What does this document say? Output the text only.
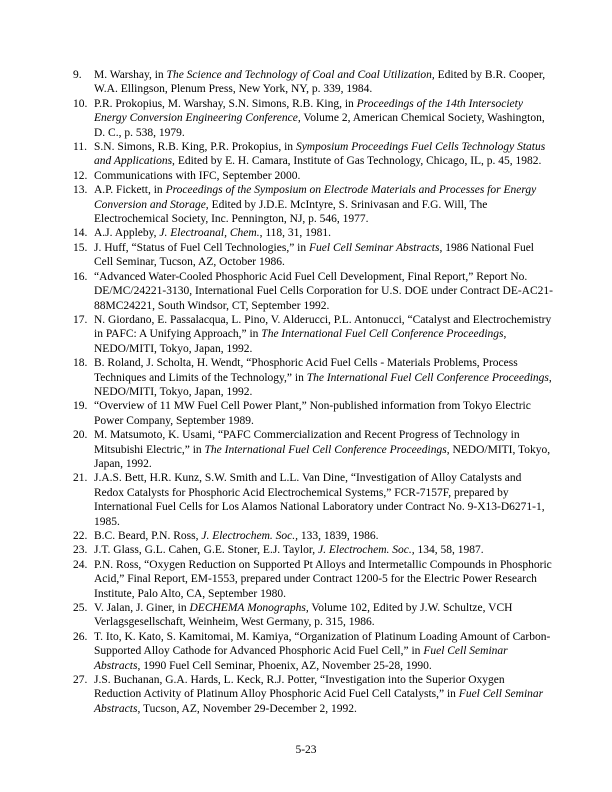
9. M. Warshay, in The Science and Technology of Coal and Coal Utilization, Edited by B.R. Cooper, W.A. Ellingson, Plenum Press, New York, NY, p. 339, 1984.
10. P.R. Prokopius, M. Warshay, S.N. Simons, R.B. King, in Proceedings of the 14th Intersociety Energy Conversion Engineering Conference, Volume 2, American Chemical Society, Washington, D. C., p. 538, 1979.
11. S.N. Simons, R.B. King, P.R. Prokopius, in Symposium Proceedings Fuel Cells Technology Status and Applications, Edited by E. H. Camara, Institute of Gas Technology, Chicago, IL, p. 45, 1982.
12. Communications with IFC, September 2000.
13. A.P. Fickett, in Proceedings of the Symposium on Electrode Materials and Processes for Energy Conversion and Storage, Edited by J.D.E. McIntyre, S. Srinivasan and F.G. Will, The Electrochemical Society, Inc. Pennington, NJ, p. 546, 1977.
14. A.J. Appleby, J. Electroanal, Chem., 118, 31, 1981.
15. J. Huff, “Status of Fuel Cell Technologies,” in Fuel Cell Seminar Abstracts, 1986 National Fuel Cell Seminar, Tucson, AZ, October 1986.
16. “Advanced Water-Cooled Phosphoric Acid Fuel Cell Development, Final Report,” Report No. DE/MC/24221-3130, International Fuel Cells Corporation for U.S. DOE under Contract DE-AC21-88MC24221, South Windsor, CT, September 1992.
17. N. Giordano, E. Passalacqua, L. Pino, V. Alderucci, P.L. Antonucci, “Catalyst and Electrochemistry in PAFC: A Unifying Approach,” in The International Fuel Cell Conference Proceedings, NEDO/MITI, Tokyo, Japan, 1992.
18. B. Roland, J. Scholta, H. Wendt, “Phosphoric Acid Fuel Cells - Materials Problems, Process Techniques and Limits of the Technology,” in The International Fuel Cell Conference Proceedings, NEDO/MITI, Tokyo, Japan, 1992.
19. “Overview of 11 MW Fuel Cell Power Plant,” Non-published information from Tokyo Electric Power Company, September 1989.
20. M. Matsumoto, K. Usami, “PAFC Commercialization and Recent Progress of Technology in Mitsubishi Electric,” in The International Fuel Cell Conference Proceedings, NEDO/MITI, Tokyo, Japan, 1992.
21. J.A.S. Bett, H.R. Kunz, S.W. Smith and L.L. Van Dine, “Investigation of Alloy Catalysts and Redox Catalysts for Phosphoric Acid Electrochemical Systems,” FCR-7157F, prepared by International Fuel Cells for Los Alamos National Laboratory under Contract No. 9-X13-D6271-1, 1985.
22. B.C. Beard, P.N. Ross, J. Electrochem. Soc., 133, 1839, 1986.
23. J.T. Glass, G.L. Cahen, G.E. Stoner, E.J. Taylor, J. Electrochem. Soc., 134, 58, 1987.
24. P.N. Ross, “Oxygen Reduction on Supported Pt Alloys and Intermetallic Compounds in Phosphoric Acid,” Final Report, EM-1553, prepared under Contract 1200-5 for the Electric Power Research Institute, Palo Alto, CA, September 1980.
25. V. Jalan, J. Giner, in DECHEMA Monographs, Volume 102, Edited by J.W. Schultze, VCH Verlagsgesellschaft, Weinheim, West Germany, p. 315, 1986.
26. T. Ito, K. Kato, S. Kamitomai, M. Kamiya, “Organization of Platinum Loading Amount of Carbon-Supported Alloy Cathode for Advanced Phosphoric Acid Fuel Cell,” in Fuel Cell Seminar Abstracts, 1990 Fuel Cell Seminar, Phoenix, AZ, November 25-28, 1990.
27. J.S. Buchanan, G.A. Hards, L. Keck, R.J. Potter, “Investigation into the Superior Oxygen Reduction Activity of Platinum Alloy Phosphoric Acid Fuel Cell Catalysts,” in Fuel Cell Seminar Abstracts, Tucson, AZ, November 29-December 2, 1992.
5-23
